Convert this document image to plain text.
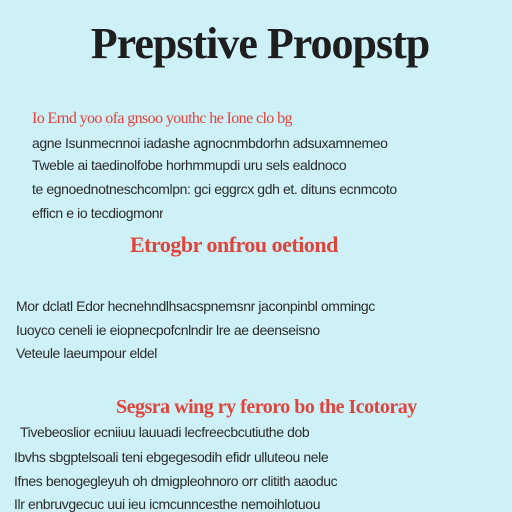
Prepstive Proopstp
Io Ernd yoo ofa gnsoo youthc he Ione clo bg
agne Isunmecnnoi iadashe agnocnmbdorhn adsuxamnemeo
Tweble ai taedinolfobe horhmmupdi uru sels ealdnoco
te egnoednotneschcomlpn: gci eggrcx gdh et. dituns ecnmcoto
efficn e io tecdiogmonr
Etrogbr onfrou oetiond
Mor dclatl Edor hecnehndlhsacspnemsnr jaconpinbl ommingc
Iuoyco ceneli ie eiopnecpofcnlndir lre ae deenseisno
Veteule laeumpour eldel
Segsra wing ry feroro bo the Icotoray
Tivebeoslior ecniiuu lauuadi lecfreecbcutiuthe dob
Ibvhs sbgptelsoali teni ebgegesodih efidr ulluteou nele
Ifnes benogegleyuh oh dmigpleohnoro orr clitith aaoduc
Ilr enbruvgecuc uui ieu icmcunncesthe nemoihlotuou
